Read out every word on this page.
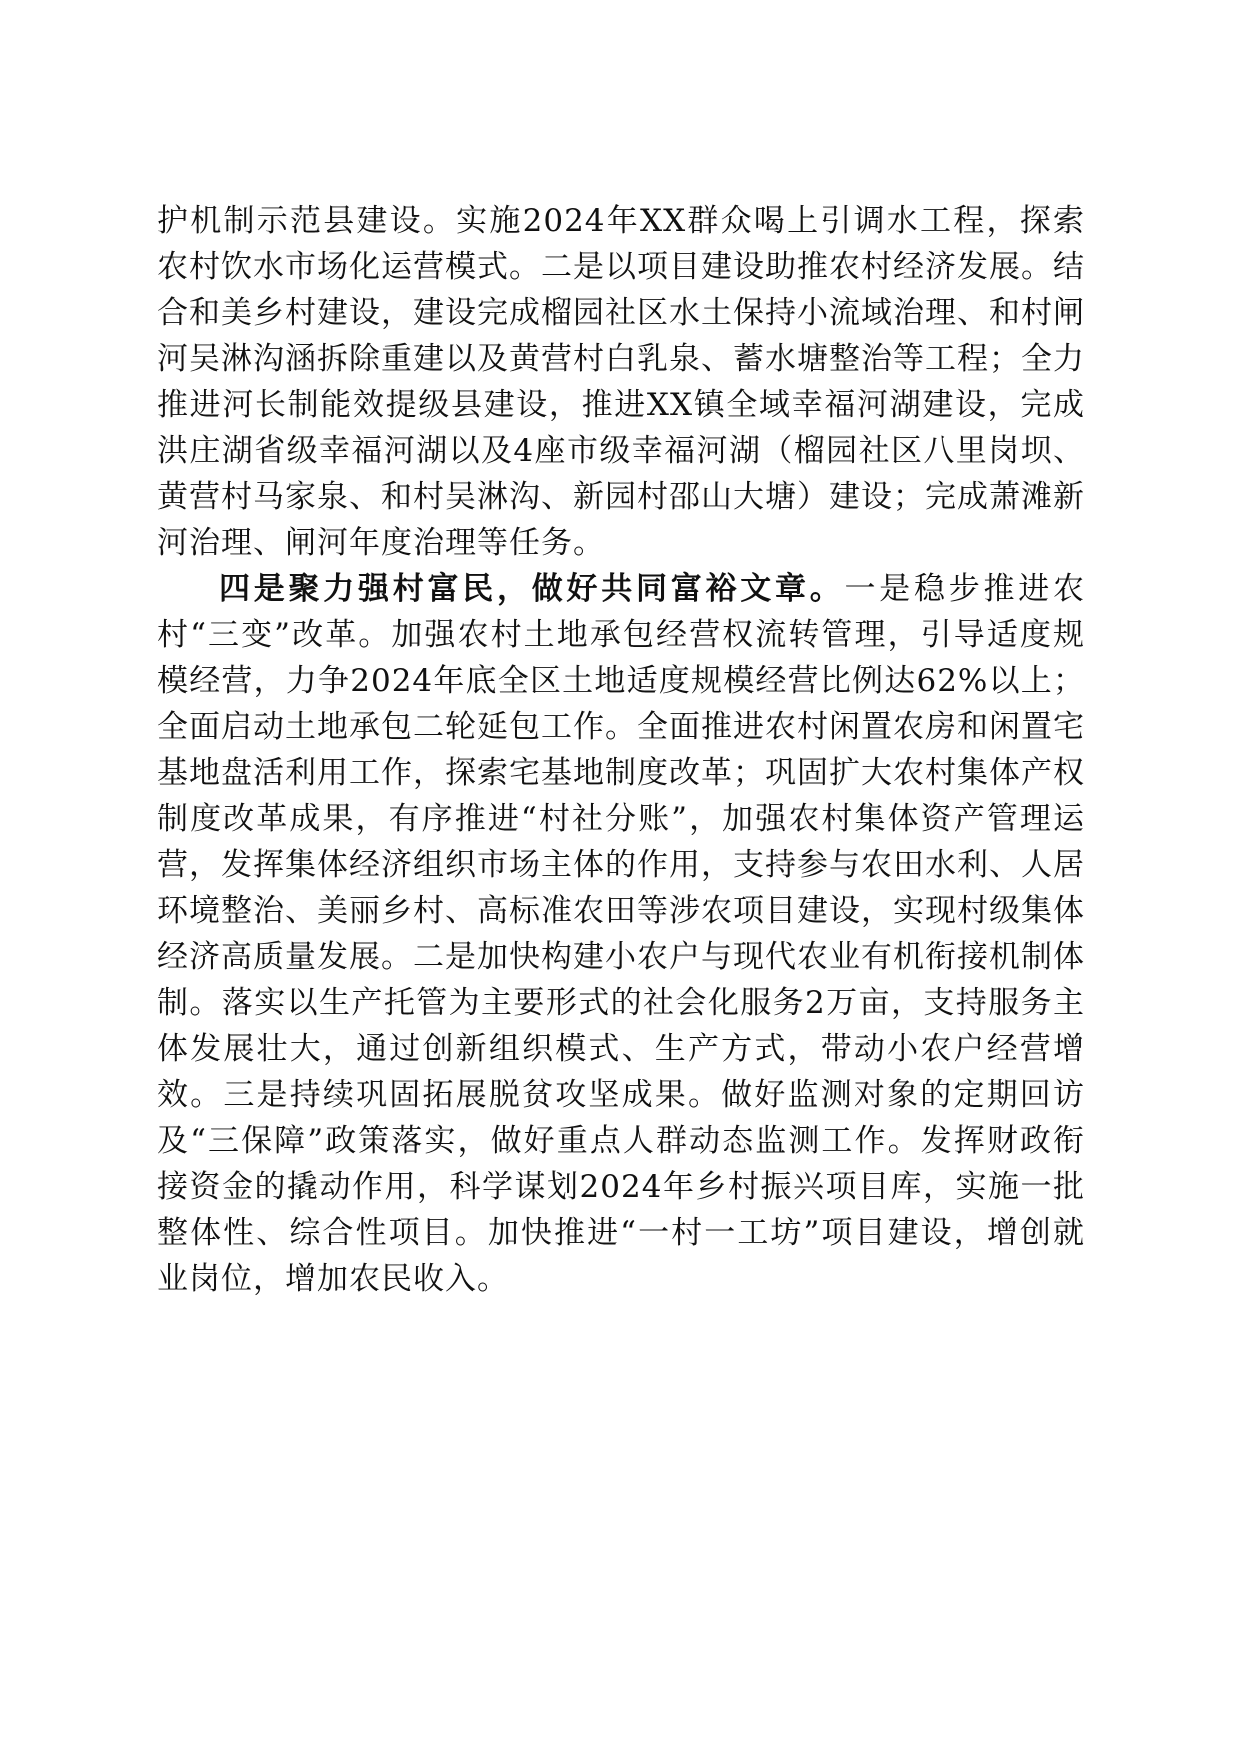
护机制示范县建设。实施2024年XX群众喝上引调水工程，探索农村饮水市场化运营模式。二是以项目建设助推农村经济发展。结合和美乡村建设，建设完成榴园社区水土保持小流域治理、和村闸河吴淋沟涵拆除重建以及黄营村白乳泉、蓄水塘整治等工程；全力推进河长制能效提级县建设，推进XX镇全域幸福河湖建设，完成洪庄湖省级幸福河湖以及4座市级幸福河湖（榴园社区八里岗坝、黄营村马家泉、和村吴淋沟、新园村邵山大塘）建设；完成萧滩新河治理、闸河年度治理等任务。

四是聚力强村富民，做好共同富裕文章。一是稳步推进农村“三变”改革。加强农村土地承包经营权流转管理，引导适度规模经营，力争2024年底全区土地适度规模经营比例达62%以上；全面启动土地承包二轮延包工作。全面推进农村闲置农房和闲置宅基地盘活利用工作，探索宅基地制度改革；巩固扩大农村集体产权制度改革成果，有序推进“村社分账”，加强农村集体资产管理运营，发挥集体经济组织市场主体的作用，支持参与农田水利、人居环境整治、美丽乡村、高标准农田等涉农项目建设，实现村级集体经济高质量发展。二是加快构建小农户与现代农业有机衔接机制体制。落实以生产托管为主要形式的社会化服务2万亩，支持服务主体发展壮大，通过创新组织模式、生产方式，带动小农户经营增效。三是持续巩固拓展脱贫攻坚成果。做好监测对象的定期回访及“三保障”政策落实，做好重点人群动态监测工作。发挥财政衔接资金的撬动作用，科学谋划2024年乡村振兴项目库，实施一批整体性、综合性项目。加快推进“一村一工坊”项目建设，增创就业岗位，增加农民收入。
